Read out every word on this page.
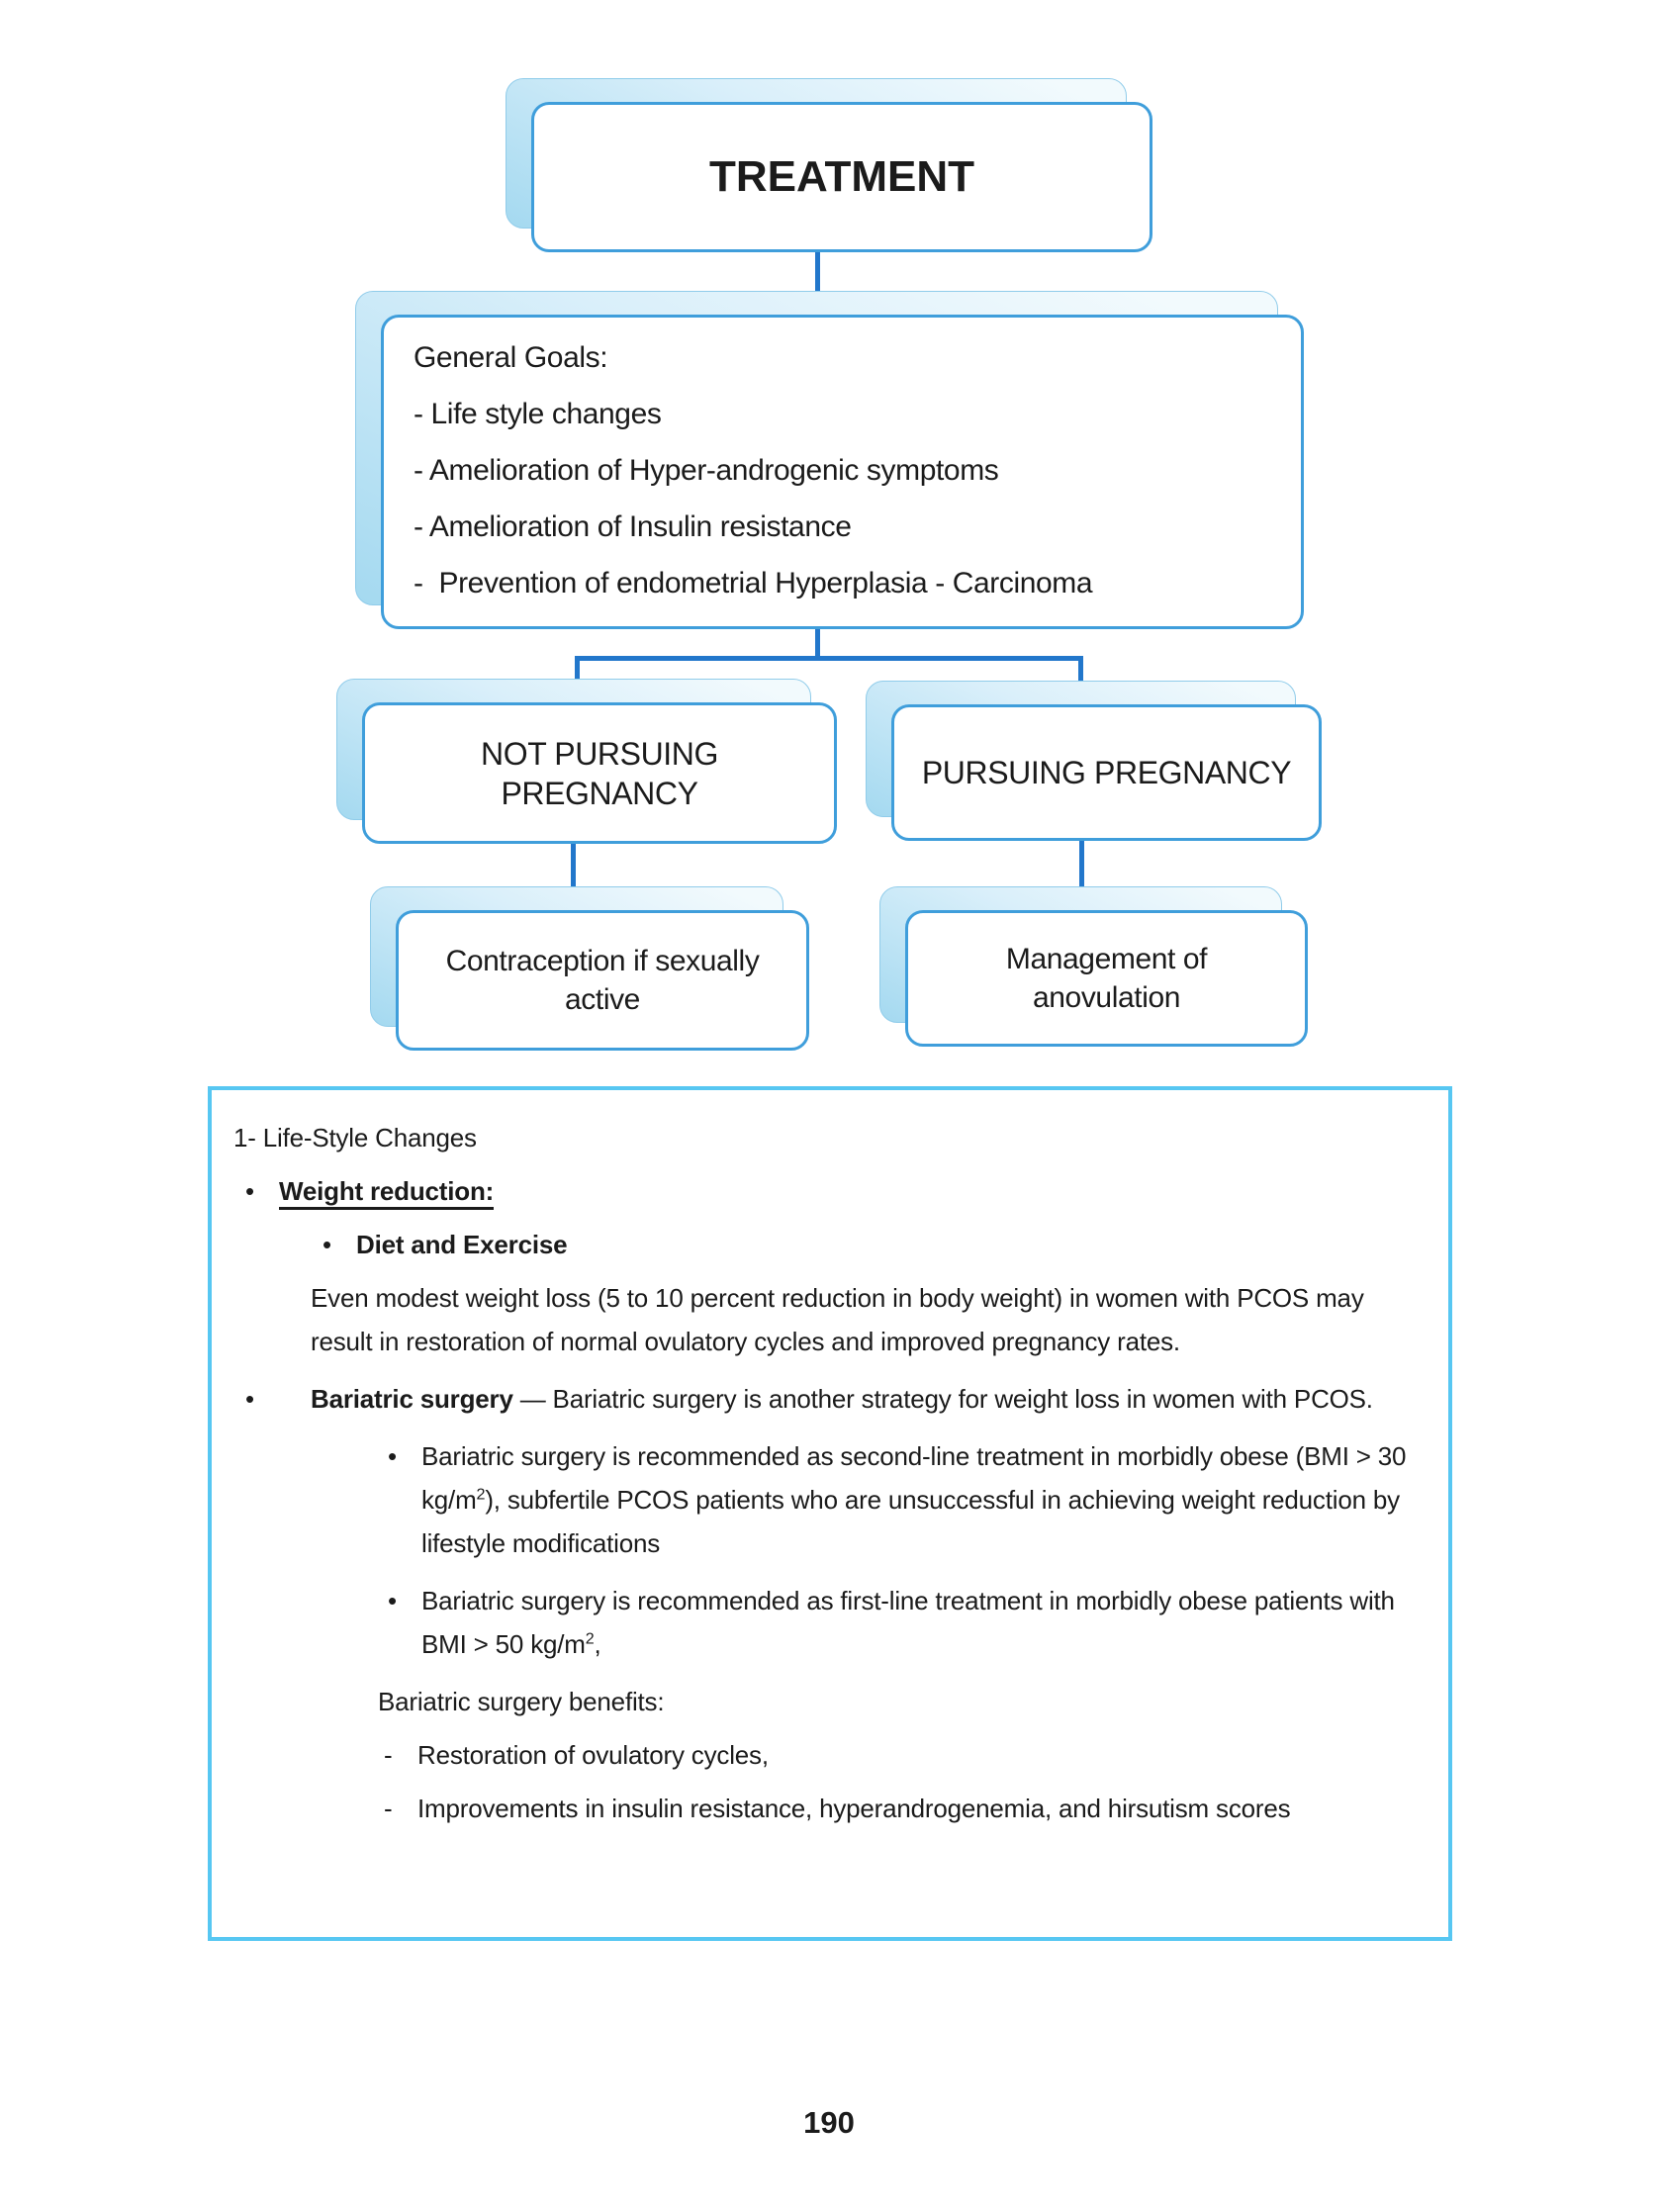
TREATMENT
General Goals:
- Life style changes
- Amelioration of Hyper-androgenic symptoms
- Amelioration of Insulin resistance
-  Prevention of endometrial Hyperplasia - Carcinoma
NOT PURSUING PREGNANCY
PURSUING PREGNANCY
Contraception if sexually active
Management of anovulation
1- Life-Style Changes
• Weight reduction:
• Diet and Exercise
Even modest weight loss (5 to 10 percent reduction in body weight) in women with PCOS may result in restoration of normal ovulatory cycles and improved pregnancy rates.
•	Bariatric surgery — Bariatric surgery is another strategy for weight loss in women with PCOS.
• Bariatric surgery is recommended as second-line treatment in morbidly obese (BMI > 30 $kg/m^2$), subfertile PCOS patients who are unsuccessful in achieving weight reduction by lifestyle modifications
• Bariatric surgery is recommended as first-line treatment in morbidly obese patients with BMI > 50 $kg/m^2$,
Bariatric surgery benefits:
- Restoration of ovulatory cycles,
- Improvements in insulin resistance, hyperandrogenemia, and hirsutism scores
190
